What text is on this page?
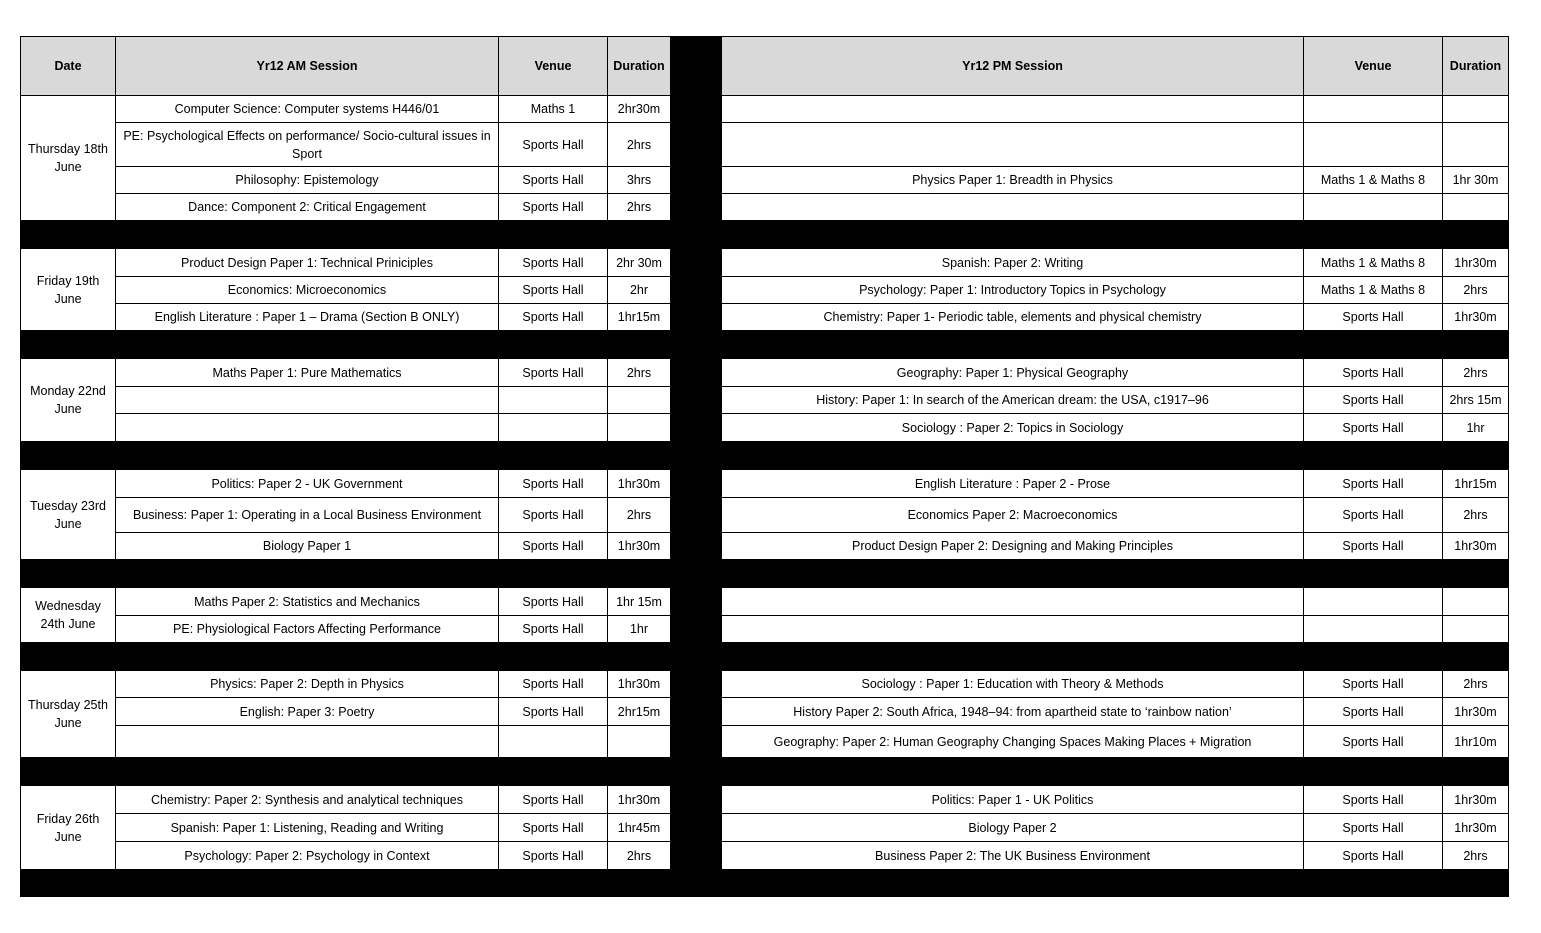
Date	Yr12 AM Session	Venue	Duration		Yr12 PM Session	Venue	Duration
Thursday 18th June	Computer Science: Computer systems H446/01	Maths 1	2hr30m				
	PE: Psychological Effects on performance/ Socio-cultural issues in Sport	Sports Hall	2hrs				
	Philosophy: Epistemology	Sports Hall	3hrs		Physics Paper 1: Breadth in Physics	Maths 1 & Maths 8	1hr 30m
	Dance: Component 2: Critical Engagement	Sports Hall	2hrs				

Friday 19th June	Product Design Paper 1: Technical Priniciples	Sports Hall	2hr 30m		Spanish: Paper 2: Writing	Maths 1 & Maths 8	1hr30m
	Economics: Microeconomics	Sports Hall	2hr		Psychology: Paper 1: Introductory Topics in Psychology	Maths 1 & Maths 8	2hrs
	English Literature : Paper 1 – Drama (Section B ONLY)	Sports Hall	1hr15m		Chemistry: Paper 1- Periodic table, elements and physical chemistry	Sports Hall	1hr30m

Monday 22nd June	Maths Paper 1: Pure Mathematics	Sports Hall	2hrs		Geography: Paper 1: Physical Geography	Sports Hall	2hrs
					History: Paper 1: In search of the American dream: the USA, c1917–96	Sports Hall	2hrs 15m
					Sociology : Paper 2: Topics in Sociology	Sports Hall	1hr

Tuesday 23rd June	Politics: Paper 2 - UK Government	Sports Hall	1hr30m		English Literature : Paper 2 - Prose	Sports Hall	1hr15m
	Business: Paper 1: Operating in a Local Business Environment	Sports Hall	2hrs		Economics Paper 2: Macroeconomics	Sports Hall	2hrs
	Biology Paper 1	Sports Hall	1hr30m		Product Design Paper 2: Designing and Making Principles	Sports Hall	1hr30m

Wednesday 24th June	Maths Paper 2: Statistics and Mechanics	Sports Hall	1hr 15m				
	PE: Physiological Factors Affecting Performance	Sports Hall	1hr				

Thursday 25th June	Physics: Paper 2: Depth in Physics	Sports Hall	1hr30m		Sociology : Paper 1: Education with Theory & Methods	Sports Hall	2hrs
	English: Paper 3: Poetry	Sports Hall	2hr15m		History Paper 2: South Africa, 1948–94: from apartheid state to ‘rainbow nation’	Sports Hall	1hr30m
					Geography: Paper 2: Human Geography Changing Spaces Making Places + Migration	Sports Hall	1hr10m

Friday 26th June	Chemistry: Paper 2: Synthesis and analytical techniques	Sports Hall	1hr30m		Politics: Paper 1 - UK Politics	Sports Hall	1hr30m
	Spanish: Paper 1: Listening, Reading and Writing	Sports Hall	1hr45m		Biology Paper 2	Sports Hall	1hr30m
	Psychology: Paper 2: Psychology in Context	Sports Hall	2hrs		Business Paper 2: The UK Business Environment	Sports Hall	2hrs
